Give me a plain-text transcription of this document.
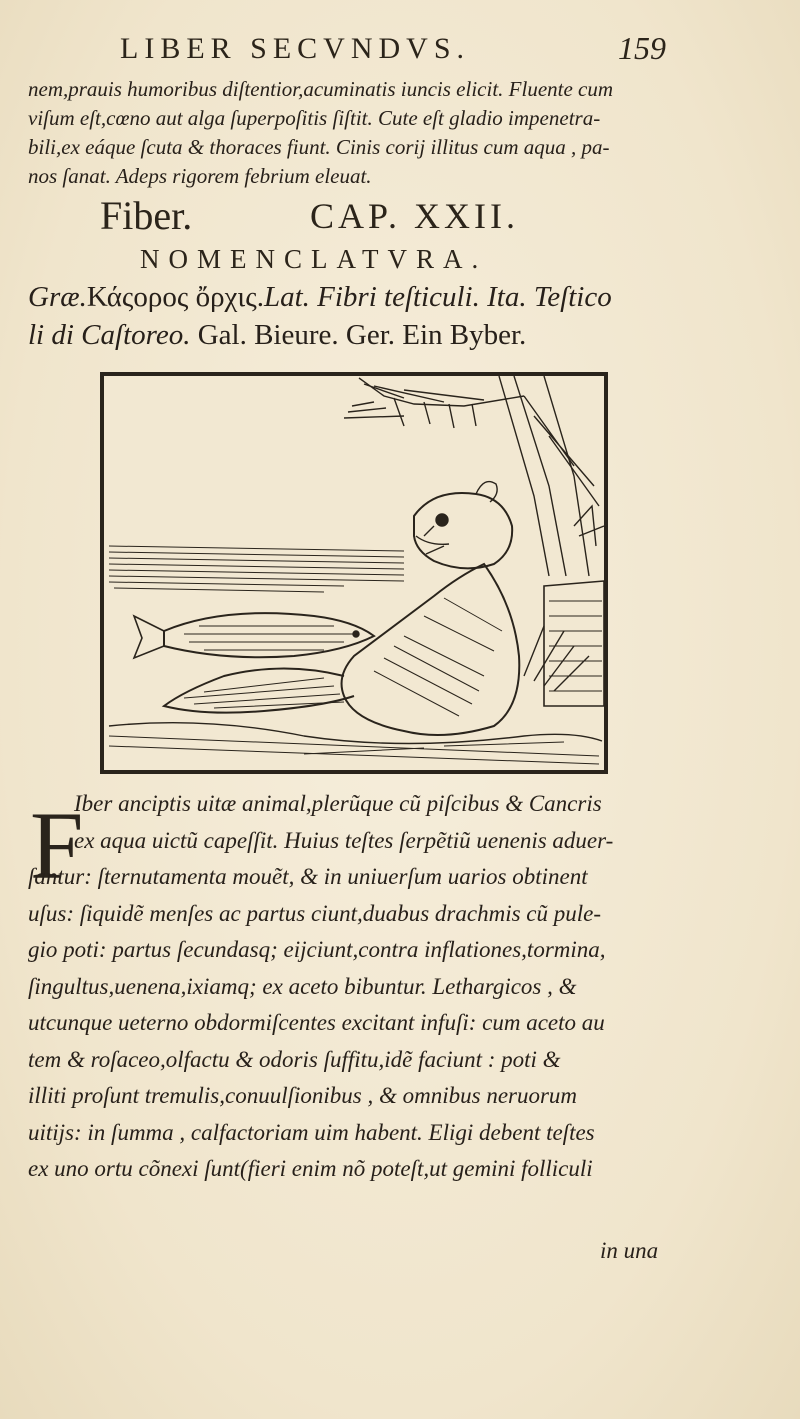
LIBER SECVNDVS.	159
nem,prauis humoribus diſtentior,acuminatis iuncis elicit. Fluente cum
viſum eſt,cœno aut alga ſuperpoſitis ſiſtit. Cute eſt gladio impenetra-
bili,ex eáque ſcuta & thoraces fiunt. Cinis corij illitus cum aqua , pa-
nos ſanat. Adeps rigorem febrium eleuat.
Fiber.	CAP. XXII.
NOMENCLATVRA.
Græ.Κάςορος ὄρχις.Lat. Fibri teſticuli. Ita. Teſtico
li di Caſtoreo. Gal. Bieure. Ger. Ein Byber.
F
Iber anciptis uitæ animal,plerũque cũ piſcibus & Cancris
ex aqua uictũ capeſſit. Huius teſtes ſerpẽtiũ uenenis aduer-
ſantur: ſternutamenta mouẽt, & in uniuerſum uarios obtinent
uſus: ſiquidẽ menſes ac partus ciunt,duabus drachmis cũ pule-
gio poti: partus ſecundasq; eijciunt,contra inflationes,tormina,
ſingultus,uenena,ixiamq; ex aceto bibuntur. Lethargicos , &
utcunque ueterno obdormiſcentes excitant infuſi: cum aceto au
tem & roſaceo,olfactu & odoris ſuffitu,idẽ faciunt : poti &
illiti proſunt tremulis,conuulſionibus , & omnibus neruorum
uitijs: in ſumma , calfactoriam uim habent. Eligi debent teſtes
ex uno ortu cõnexi ſunt(fieri enim nõ poteſt,ut gemini folliculi
in una
